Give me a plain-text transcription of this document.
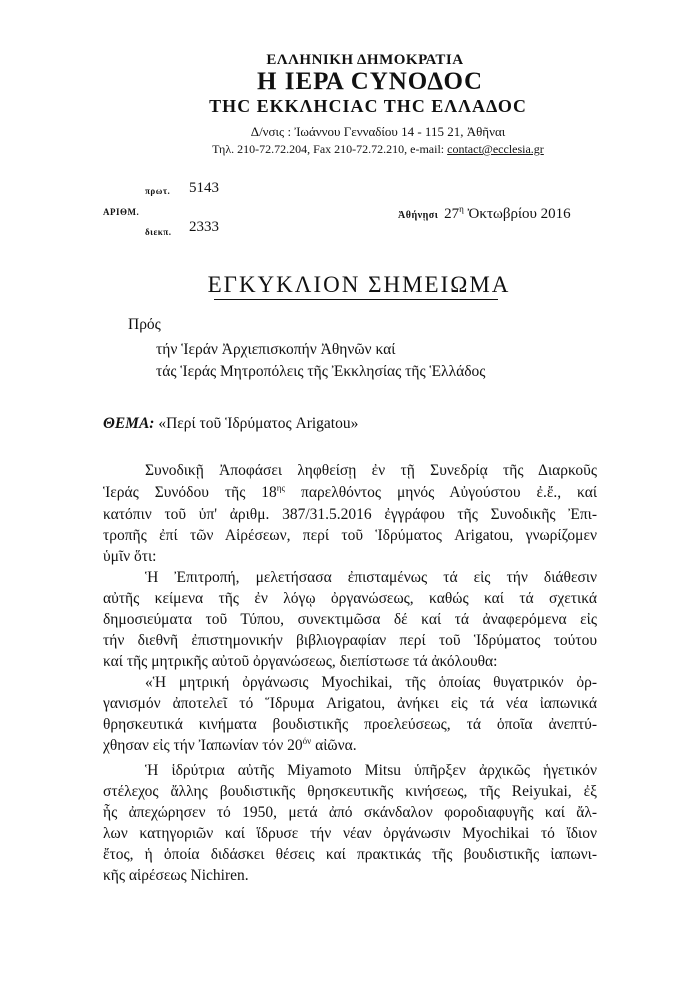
ΕΛΛΗΝΙΚΗ ΔΗΜΟΚΡΑΤΙΑ
Η ΙΕΡΑ ϹΥΝΟΔΟϹ
ΤΗϹ ΕΚΚΛΗϹΙΑϹ ΤΗϹ ΕΛΛΑΔΟϹ
Δ/νσις : Ἰωάννου Γενναδίου 14 - 115 21, Ἀθῆναι
Τηλ. 210-72.72.204, Fax 210-72.72.210, e-mail: contact@ecclesia.gr
πρωτ. 5143
ΑΡΙΘΜ.
διεκπ. 2333
Ἀθήνῃσι $27^\eta$ Ὀκτωβρίου 2016
ΕΓΚΥΚΛΙΟΝ ΣΗΜΕΙΩΜΑ
Πρός
τήν Ἱεράν Ἀρχιεπισκοπήν Ἀθηνῶν καί
τάς Ἱεράς Μητροπόλεις τῆς Ἐκκλησίας τῆς Ἑλλάδος
ΘΕΜΑ: «Περί τοῦ Ἱδρύματος Arigatou»
Συνοδικῇ Ἀποφάσει ληφθείσῃ ἐν τῇ Συνεδρίᾳ τῆς Διαρκοῦς
Ἱεράς Συνόδου τῆς $18^{\eta\varsigma}$ παρελθόντος μηνός Αὐγούστου ἐ.ἔ., καί
κατόπιν τοῦ ὑπ' ἀριθμ. 387/31.5.2016 ἐγγράφου τῆς Συνοδικῆς Ἐπι-
τροπῆς ἐπί τῶν Αἱρέσεων, περί τοῦ Ἱδρύματος Arigatou, γνωρίζομεν
ὑμῖν ὅτι:
Ἡ Ἐπιτροπή, μελετήσασα ἐπισταμένως τά εἰς τήν διάθεσιν
αὐτῆς κείμενα τῆς ἐν λόγῳ ὀργανώσεως, καθώς καί τά σχετικά
δημοσιεύματα τοῦ Τύπου, συνεκτιμῶσα δέ καί τά ἀναφερόμενα εἰς
τήν διεθνῆ ἐπιστημονικήν βιβλιογραφίαν περί τοῦ Ἱδρύματος τούτου
καί τῆς μητρικῆς αὐτοῦ ὀργανώσεως, διεπίστωσε τά ἀκόλουθα:
«Ἡ μητρική ὀργάνωσις Myochikai, τῆς ὁποίας θυγατρικόν ὀρ-
γανισμόν ἀποτελεῖ τό Ἵδρυμα Arigatou, ἀνήκει εἰς τά νέα ἰαπωνικά
θρησκευτικά κινήματα βουδιστικῆς προελεύσεως, τά ὁποῖα ἀνεπτύ-
χθησαν εἰς τήν Ἰαπωνίαν τόν $20^{ό\nu}$ αἰῶνα.
Ἡ ἱδρύτρια αὐτῆς Miyamoto Mitsu ὑπῆρξεν ἀρχικῶς ἡγετικόν
στέλεχος ἄλλης βουδιστικῆς θρησκευτικῆς κινήσεως, τῆς Reiyukai, ἐξ
ἧς ἀπεχώρησεν τό 1950, μετά ἀπό σκάνδαλον φοροδιαφυγῆς καί ἄλ-
λων κατηγοριῶν καί ἵδρυσε τήν νέαν ὀργάνωσιν Myochikai τό ἴδιον
ἔτος, ἡ ὁποία διδάσκει θέσεις καί πρακτικάς τῆς βουδιστικῆς ἰαπωνι-
κῆς αἱρέσεως Nichiren.
